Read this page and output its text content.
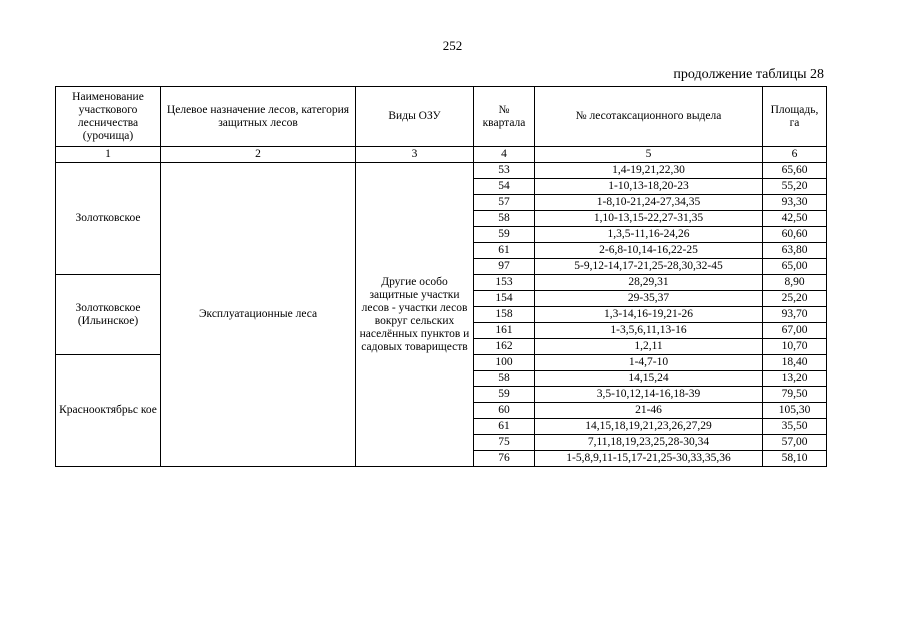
252
продолжение таблицы 28
Наименование участкового лесничества (урочища)	Целевое назначение лесов, категория защитных лесов	Виды ОЗУ	№ квартала	№ лесотаксационного выдела	Площадь, га
1	2	3	4	5	6
Золотковское	Эксплуатационные леса	Другие особо защитные участки лесов - участки лесов вокруг сельских населённых пунктов и садовых товариществ	53	1,4-19,21,22,30	65,60
			54	1-10,13-18,20-23	55,20
			57	1-8,10-21,24-27,34,35	93,30
			58	1,10-13,15-22,27-31,35	42,50
			59	1,3,5-11,16-24,26	60,60
			61	2-6,8-10,14-16,22-25	63,80
			97	5-9,12-14,17-21,25-28,30,32-45	65,00
Золотковское (Ильинское)			153	28,29,31	8,90
			154	29-35,37	25,20
			158	1,3-14,16-19,21-26	93,70
			161	1-3,5,6,11,13-16	67,00
			162	1,2,11	10,70
Краснооктябрьс кое			100	1-4,7-10	18,40
			58	14,15,24	13,20
			59	3,5-10,12,14-16,18-39	79,50
			60	21-46	105,30
			61	14,15,18,19,21,23,26,27,29	35,50
			75	7,11,18,19,23,25,28-30,34	57,00
			76	1-5,8,9,11-15,17-21,25-30,33,35,36	58,10
